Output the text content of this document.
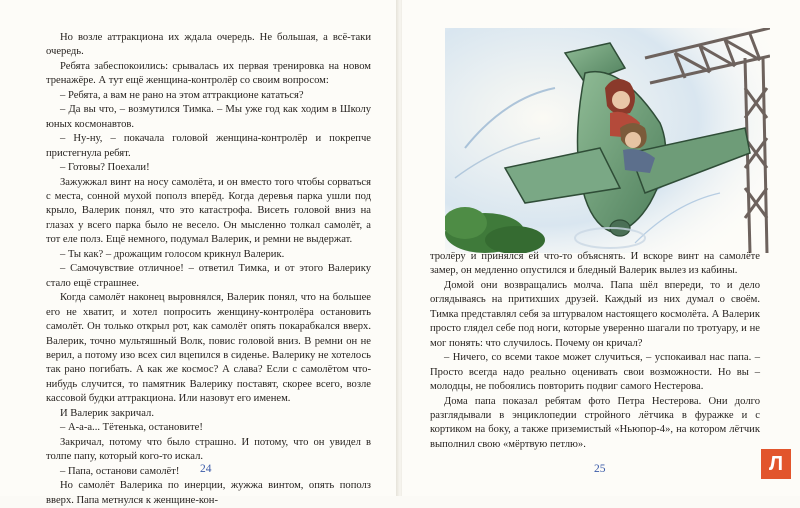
Но возле аттракциона их ждала очередь. Не большая, а всё-таки очередь.

Ребята забеспокоились: срывалась их первая тренировка на новом тренажёре. А тут ещё женщина-контролёр со своим вопросом:

– Ребята, а вам не рано на этом аттракционе кататься?

– Да вы что, – возмутился Тимка. – Мы уже год как ходим в Школу юных космонавтов.

– Ну-ну, – покачала головой женщина-контролёр и покрепче пристегнула ребят.

– Готовы? Поехали!

Зажужжал винт на носу самолёта, и он вместо того чтобы сорваться с места, сонной мухой пополз вперёд. Когда деревья парка ушли под крыло, Валерик понял, что это катастрофа. Висеть головой вниз на глазах у всего парка было не весело. Он мысленно толкал самолёт, а тот еле полз. Ещё немного, подумал Валерик, и ремни не выдержат.

– Ты как? – дрожащим голосом крикнул Валерик.

– Самочувствие отличное! – ответил Тимка, и от этого Валерику стало ещё страшнее.

Когда самолёт наконец выровнялся, Валерик понял, что на большее его не хватит, и хотел попросить женщину-контролёра остановить самолёт. Он только открыл рот, как самолёт опять покарабкался вверх. Валерик, точно мультяшный Волк, повис головой вниз. В ремни он не верил, а потому изо всех сил вцепился в сиденье. Валерику не хотелось так рано погибать. А как же космос? А слава? Если с самолётом что-нибудь случится, то памятник Валерику поставят, скорее всего, возле кассовой будки аттракциона. Или назовут его именем.

И Валерик закричал.

– А-а-а... Тётенька, остановите!

Закричал, потому что было страшно. И потому, что он увидел в толпе папу, который кого-то искал.

– Папа, останови самолёт!

Но самолёт Валерика по инерции, жужжа винтом, опять пополз вверх. Папа метнулся к женщине-кон-

24	25

тролёру и принялся ей что-то объяснять. И вскоре винт на самолёте замер, он медленно опустился и бледный Валерик вылез из кабины.

Домой они возвращались молча. Папа шёл впереди, то и дело оглядываясь на притихших друзей. Каждый из них думал о своём. Тимка представлял себя за штурвалом настоящего космолёта. А Валерик просто глядел себе под ноги, которые уверенно шагали по тротуару, и не мог понять: что случилось. Почему он кричал?

– Ничего, со всеми такое может случиться, – успокаивал нас папа. – Просто всегда надо реально оценивать свои возможности. Но вы – молодцы, не побоялись повторить подвиг самого Нестерова.

Дома папа показал ребятам фото Петра Нестерова. Они долго разглядывали в энциклопедии стройного лётчика в фуражке и с кортиком на боку, а также приземистый «Ньюпор-4», на котором лётчик выполнил свою «мёртвую петлю».

Л
